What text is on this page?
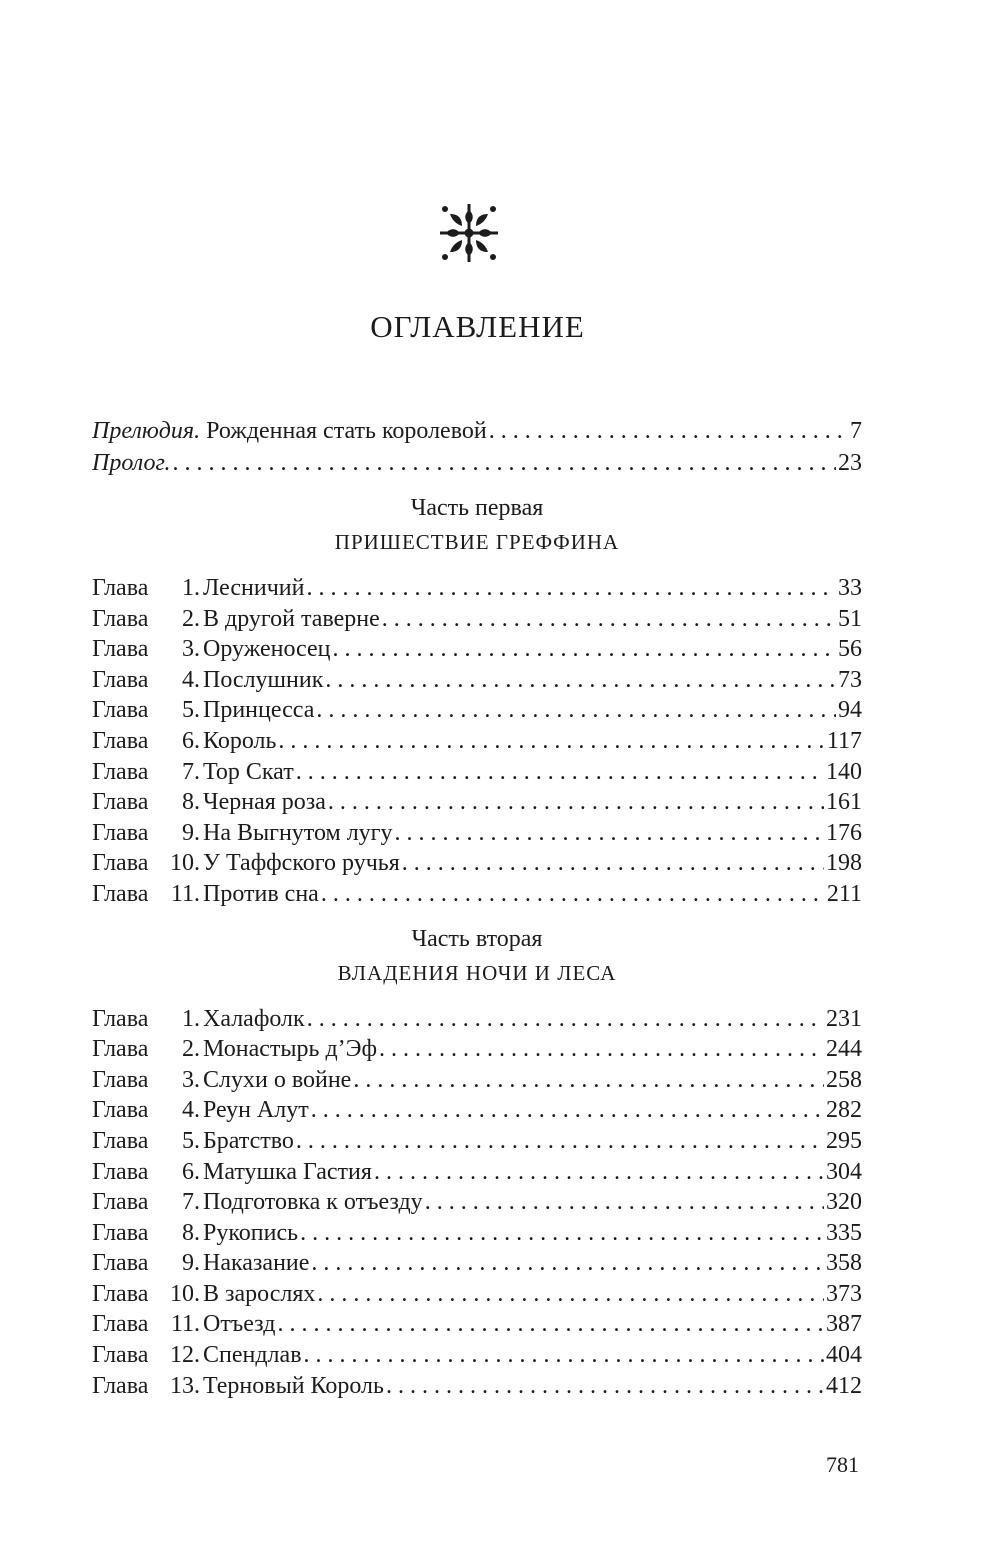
ОГЛАВЛЕНИЕ
Прелюдия. Рожденная стать королевой . . .	7
Пролог. . . .	23
Часть первая
ПРИШЕСТВИЕ ГРЕФФИНА
Глава	1. Лесничий . . .	33
Глава	2. В другой таверне . . .	51
Глава	3. Оруженосец . . .	56
Глава	4. Послушник . . .	73
Глава	5. Принцесса . . .	94
Глава	6. Король . . .	117
Глава	7. Тор Скат . . .	140
Глава	8. Черная роза . . .	161
Глава	9. На Выгнутом лугу . . .	176
Глава 10. У Таффского ручья . . .	198
Глава 11. Против сна . . .	211
Часть вторая
ВЛАДЕНИЯ НОЧИ И ЛЕСА
Глава	1. Халафолк . . .	231
Глава	2. Монастырь д’Эф . . .	244
Глава	3. Слухи о войне . . .	258
Глава	4. Реун Алут . . .	282
Глава	5. Братство . . .	295
Глава	6. Матушка Гастия . . .	304
Глава	7. Подготовка к отъезду . . .	320
Глава	8. Рукопись . . .	335
Глава	9. Наказание . . .	358
Глава 10. В зарослях . . .	373
Глава 11. Отъезд . . .	387
Глава 12. Спендлав . . .	404
Глава 13. Терновый Король . . .	412
781
